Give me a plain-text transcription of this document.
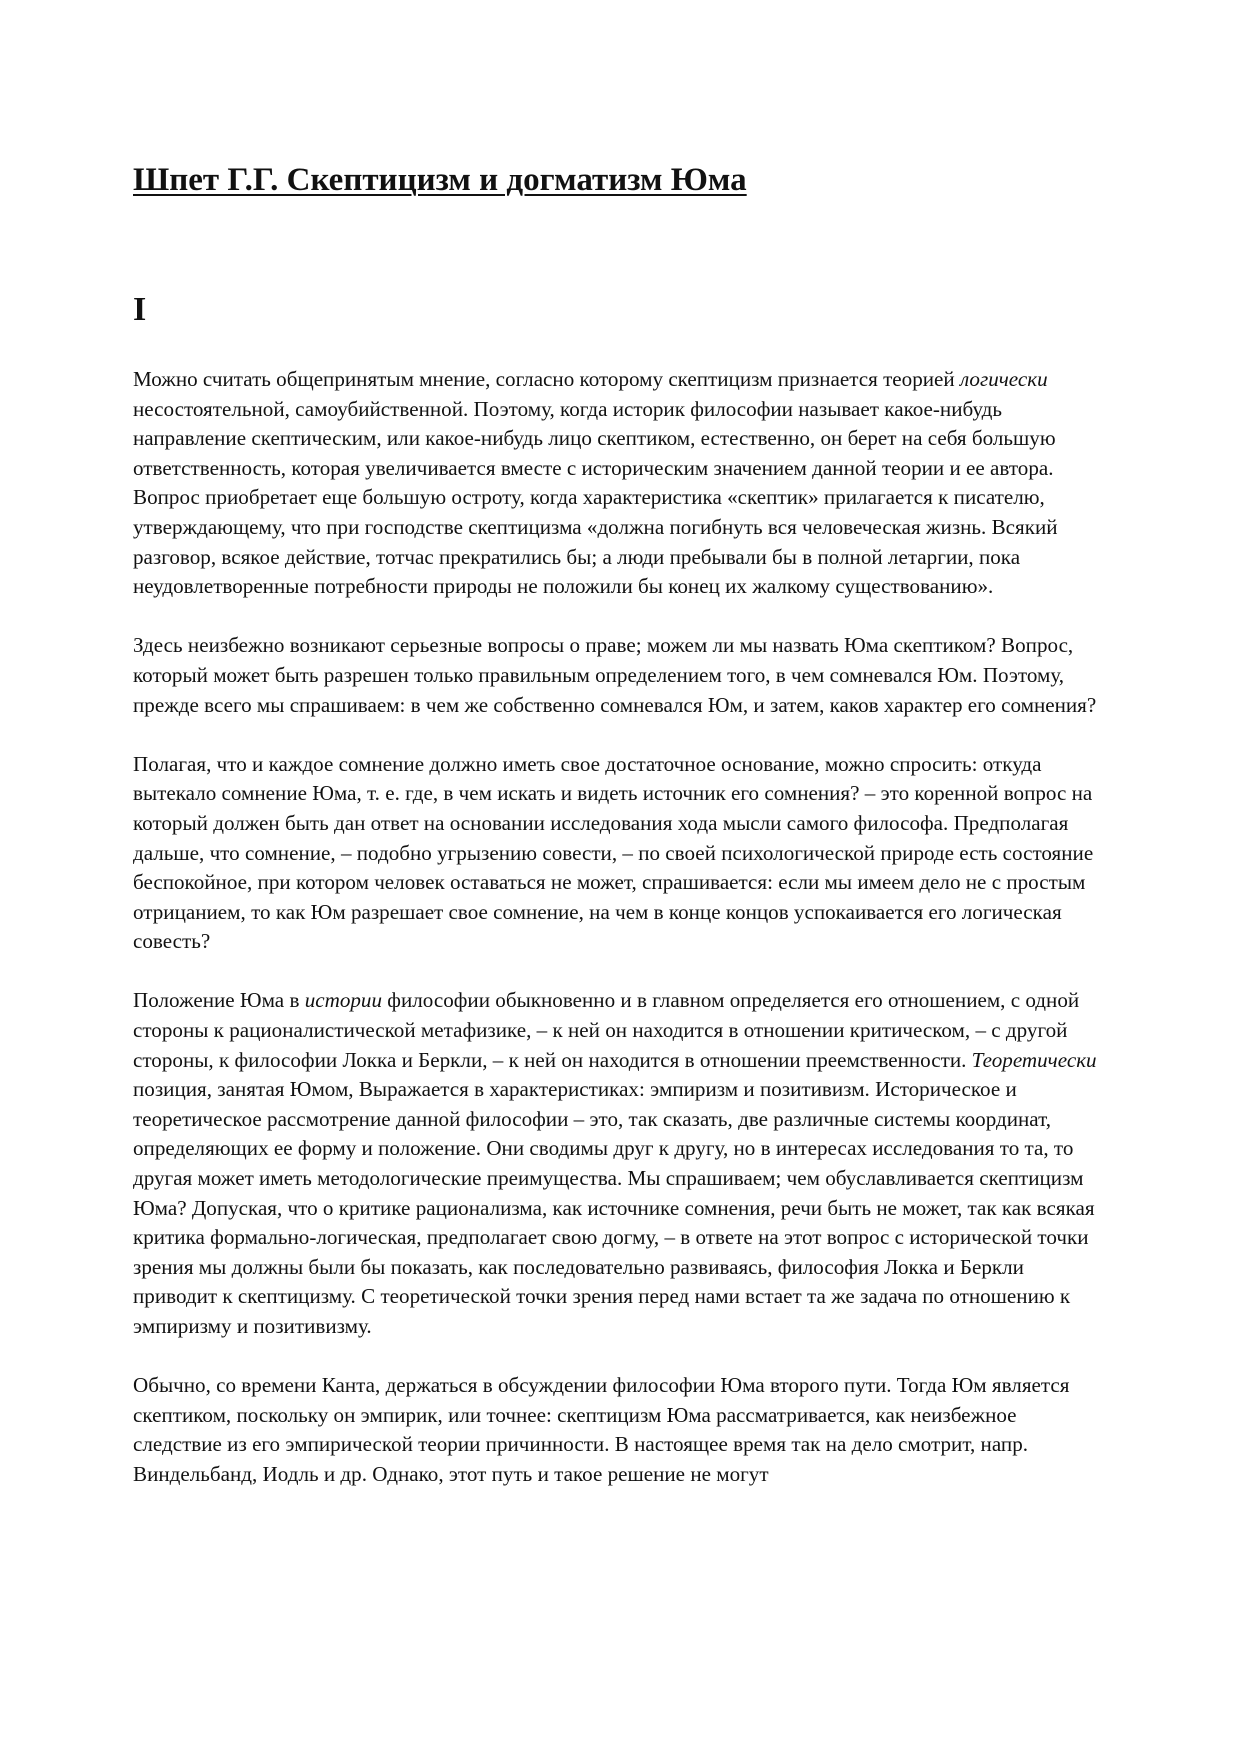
Шпет Г.Г. Скептицизм и догматизм Юма
I

Можно считать общепринятым мнение, согласно которому скептицизм признается теорией логически несостоятельной, самоубийственной. Поэтому, когда историк философии называет какое-нибудь направление скептическим, или какое-нибудь лицо скептиком, естественно, он берет на себя большую ответственность, которая увеличивается вместе с историческим значением данной теории и ее автора. Вопрос приобретает еще большую остроту, когда характеристика «скептик» прилагается к писателю, утверждающему, что при господстве скептицизма «должна погибнуть вся человеческая жизнь. Всякий разговор, всякое действие, тотчас прекратились бы; а люди пребывали бы в полной летаргии, пока неудовлетворенные потребности природы не положили бы конец их жалкому существованию».

Здесь неизбежно возникают серьезные вопросы о праве; можем ли мы назвать Юма скептиком? Вопрос, который может быть разрешен только правильным определением того, в чем сомневался Юм. Поэтому, прежде всего мы спрашиваем: в чем же собственно сомневался Юм, и затем, каков характер его сомнения?

Полагая, что и каждое сомнение должно иметь свое достаточное основание, можно спросить: откуда вытекало сомнение Юма, т. е. где, в чем искать и видеть источник его сомнения? – это коренной вопрос на который должен быть дан ответ на основании исследования хода мысли самого философа. Предполагая дальше, что сомнение, – подобно угрызению совести, – по своей психологической природе есть состояние беспокойное, при котором человек оставаться не может, спрашивается: если мы имеем дело не с простым отрицанием, то как Юм разрешает свое сомнение, на чем в конце концов успокаивается его логическая совесть?

Положение Юма в истории философии обыкновенно и в главном определяется его отношением, с одной стороны к рационалистической метафизике, – к ней он находится в отношении критическом, – с другой стороны, к философии Локка и Беркли, – к ней он находится в отношении преемственности. Теоретически позиция, занятая Юмом, Выражается в характеристиках: эмпиризм и позитивизм. Историческое и теоретическое рассмотрение данной философии – это, так сказать, две различные системы координат, определяющих ее форму и положение. Они сводимы друг к другу, но в интересах исследования то та, то другая может иметь методологические преимущества. Мы спрашиваем; чем обуславливается скептицизм Юма? Допуская, что о критике рационализма, как источнике сомнения, речи быть не может, так как всякая критика формально-логическая, предполагает свою догму, – в ответе на этот вопрос с исторической точки зрения мы должны были бы показать, как последовательно развиваясь, философия Локка и Беркли приводит к скептицизму. С теоретической точки зрения перед нами встает та же задача по отношению к эмпиризму и позитивизму.

Обычно, со времени Канта, держаться в обсуждении философии Юма второго пути. Тогда Юм является скептиком, поскольку он эмпирик, или точнее: скептицизм Юма рассматривается, как неизбежное следствие из его эмпирической теории причинности. В настоящее время так на дело смотрит, напр. Виндельбанд, Иодль и др. Однако, этот путь и такое решение не могут
